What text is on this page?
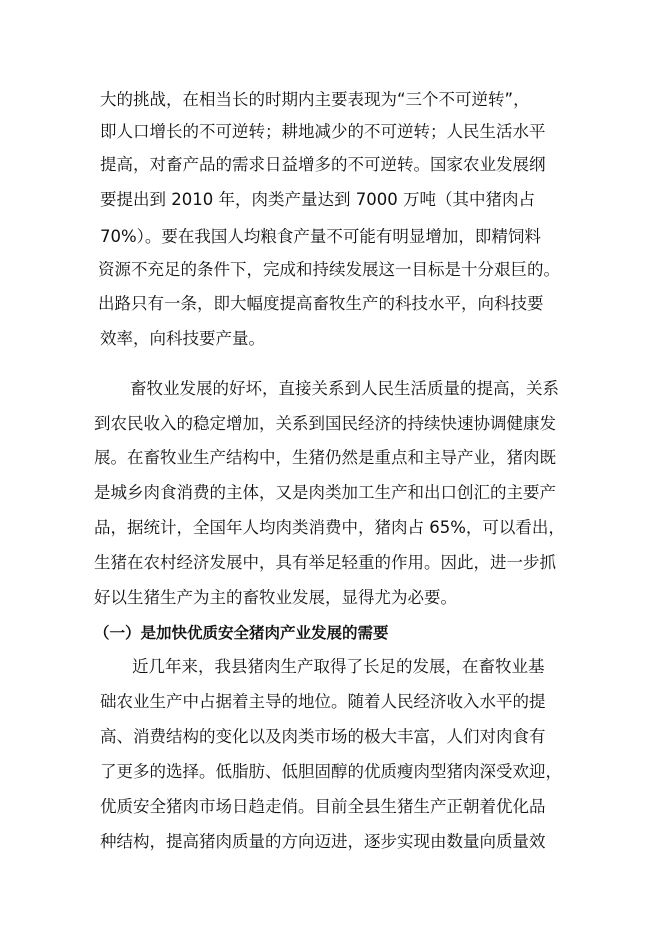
大的挑战，在相当长的时期内主要表现为“三个不可逆转”，
即人口增长的不可逆转；耕地减少的不可逆转；人民生活水平
提高，对畜产品的需求日益增多的不可逆转。国家农业发展纲
要提出到 2010 年，肉类产量达到 7000 万吨（其中猪肉占
70%）。要在我国人均粮食产量不可能有明显增加，即精饲料
资源不充足的条件下，完成和持续发展这一目标是十分艰巨的。
出路只有一条，即大幅度提高畜牧生产的科技水平，向科技要
效率，向科技要产量。
畜牧业发展的好坏，直接关系到人民生活质量的提高，关系
到农民收入的稳定增加，关系到国民经济的持续快速协调健康发
展。在畜牧业生产结构中，生猪仍然是重点和主导产业，猪肉既
是城乡肉食消费的主体，又是肉类加工生产和出口创汇的主要产
品，据统计，全国年人均肉类消费中，猪肉占 65%，可以看出，
生猪在农村经济发展中，具有举足轻重的作用。因此，进一步抓
好以生猪生产为主的畜牧业发展，显得尤为必要。
（一）是加快优质安全猪肉产业发展的需要
近几年来，我县猪肉生产取得了长足的发展，在畜牧业基
础农业生产中占据着主导的地位。随着人民经济收入水平的提
高、消费结构的变化以及肉类市场的极大丰富，人们对肉食有
了更多的选择。低脂肪、低胆固醇的优质瘦肉型猪肉深受欢迎，
优质安全猪肉市场日趋走俏。目前全县生猪生产正朝着优化品
种结构，提高猪肉质量的方向迈进，逐步实现由数量向质量效
